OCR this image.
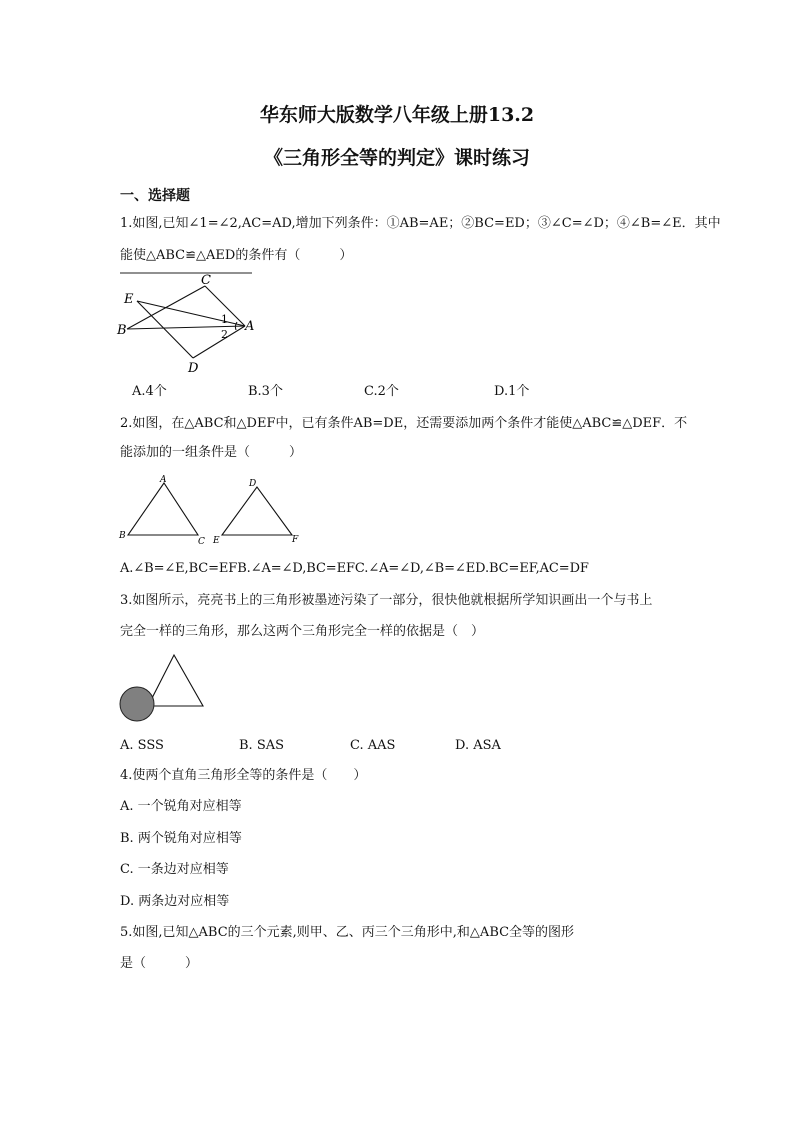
华东师大版数学八年级上册13.2
《三角形全等的判定》课时练习
一、选择题
1.如图,已知∠1=∠2,AC=AD,增加下列条件：①AB=AE；②BC=ED；③∠C=∠D；④∠B=∠E．其中
能使△ABC≌△AED的条件有（　　　）
E
C
B	A
D
1
2
A.4个	B.3个	C.2个	D.1个
2.如图，在△ABC和△DEF中，已有条件AB=DE，还需要添加两个条件才能使△ABC≌△DEF．不
能添加的一组条件是（　　　）
A
B
C
D
E	F
A.∠B=∠E,BC=EFB.∠A=∠D,BC=EFC.∠A=∠D,∠B=∠ED.BC=EF,AC=DF
3.如图所示，亮亮书上的三角形被墨迹污染了一部分，很快他就根据所学知识画出一个与书上
完全一样的三角形，那么这两个三角形完全一样的依据是（　）
A. SSS	B. SAS	C. AAS	D. ASA
4.使两个直角三角形全等的条件是（　　）
A. 一个锐角对应相等
B. 两个锐角对应相等
C. 一条边对应相等
D. 两条边对应相等
5.如图,已知△ABC的三个元素,则甲、乙、丙三个三角形中,和△ABC全等的图形
是（　　　）
